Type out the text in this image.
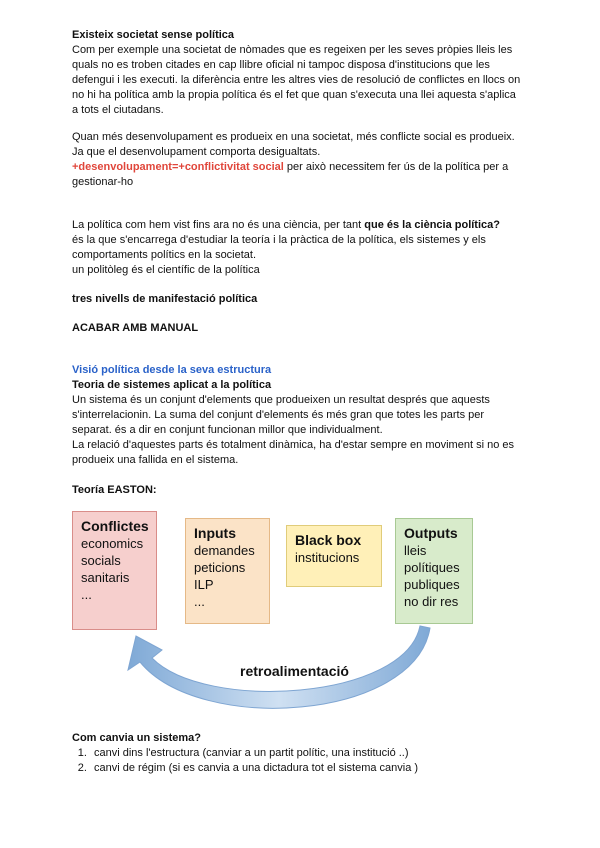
Existeix societat sense política

Com per exemple una societat de nòmades que es regeixen per les seves pròpies lleis les

quals no es troben citades en cap llibre oficial ni tampoc disposa d'institucions que les

defengui i les executi. la diferència entre les altres vies de resolució de conflictes en llocs on

no hi ha política amb la propia política és el fet que quan s'executa una llei aquesta s'aplica

a tots el ciutadans.

Quan més desenvolupament es produeix en una societat, més conflicte social es produeix.

Ja que el desenvolupament comporta desigualtats.

+desenvolupament=+conflictivitat social per això necessitem fer ús de la política per a

gestionar-ho

La política com hem vist fins ara no és una ciència, per tant que és la ciència política?

és la que s'encarrega d'estudiar la teoría i la pràctica de la política, els sistemes y els

comportaments polítics en la societat.

un politòleg és el científic de la política

tres nivells de manifestació política

ACABAR AMB MANUAL

Visió política desde la seva estructura

Teoria de sistemes aplicat a la política

Un sistema és un conjunt d'elements que produeixen un resultat després que aquests

s'interrelacionin. La suma del conjunt d'elements és més gran que totes les parts per

separat. és a dir en conjunt funcionan millor que individualment.

La relació d'aquestes parts és totalment dinàmica, ha d'estar sempre en moviment si no es

produeix una fallida en el sistema.

Teoría EASTON:

Conflictes
economics
socials
sanitaris
...
Inputs
demandes
peticions
ILP
...
Black box
institucions
Outputs
lleis
polítiques
publiques
no dir res
retroalimentació

Com canvia un sistema?

1. canvi dins l'estructura (canviar a un partit polític, una institució ..)
2. canvi de régim (si es canvia a una dictadura tot el sistema canvia )
